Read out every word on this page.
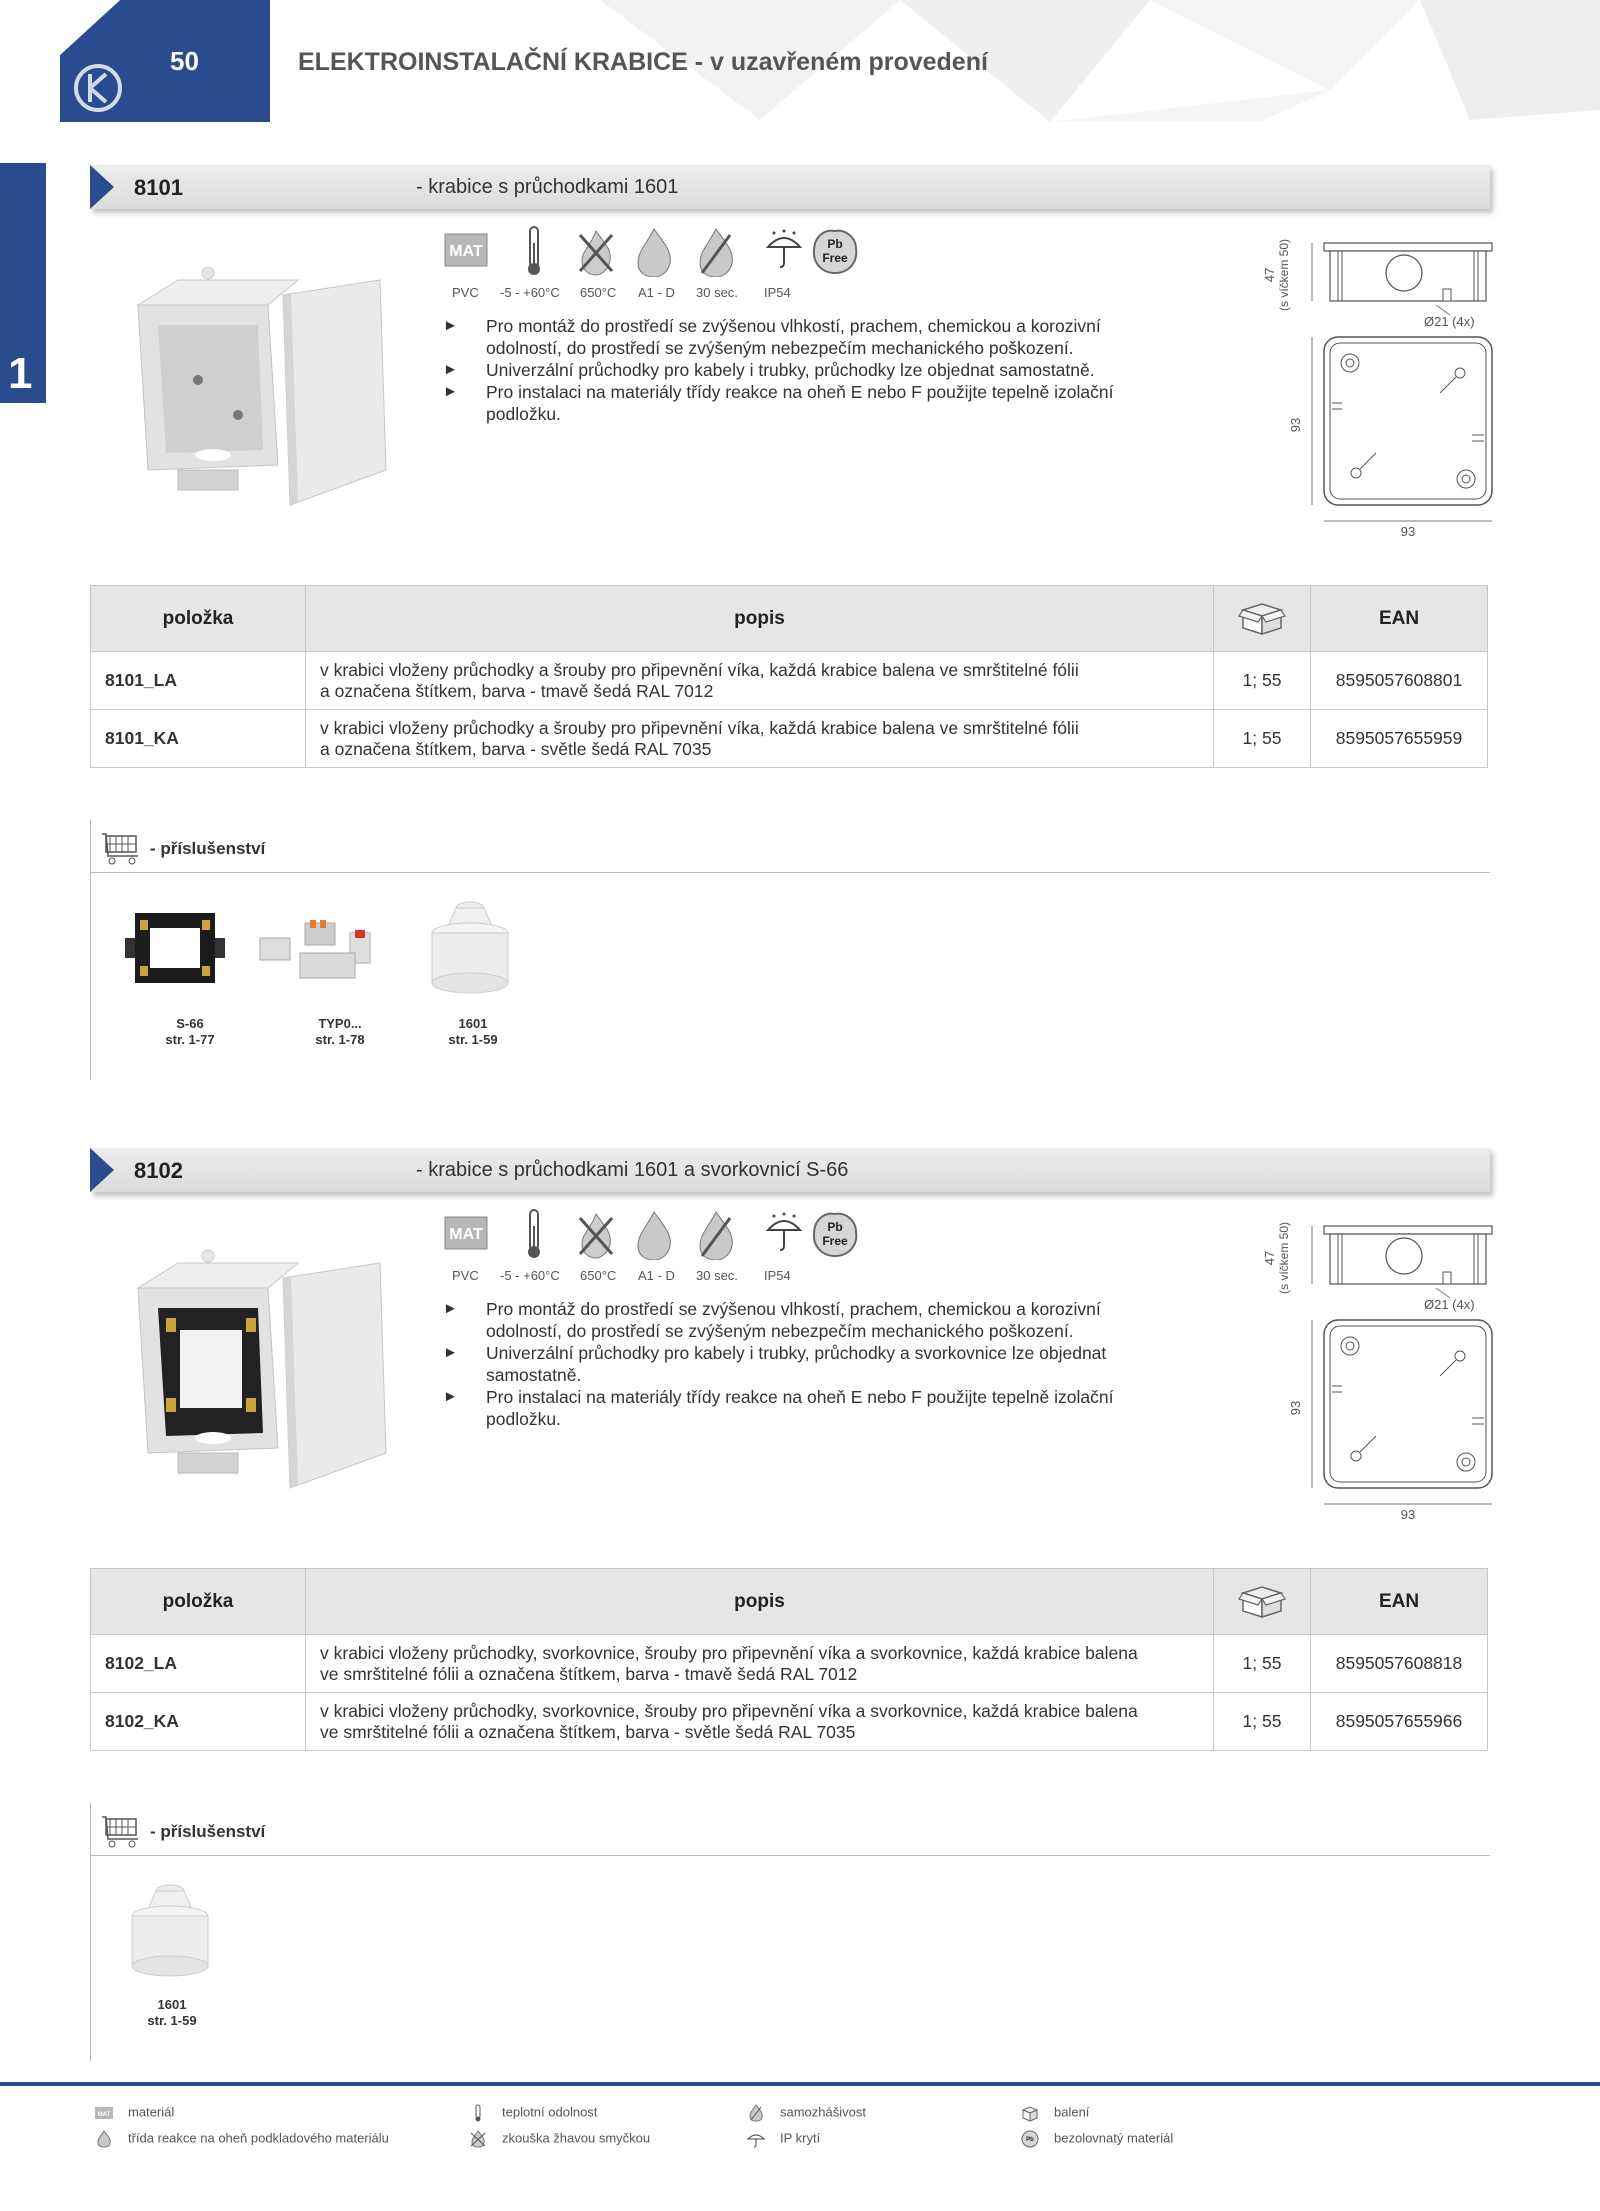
50	ELEKTROINSTALAČNÍ KRABICE - v uzavřeném provedení
1
8101	- krabice s průchodkami 1601
MAT	Pb
Free
PVC -5 - +60°C 650°C A1 - D 30 sec. IP54
► Pro montáž do prostředí se zvýšenou vlhkostí, prachem, chemickou a korozivní odolností, do prostředí se zvýšeným nebezpečím mechanického poškození.
► Univerzální průchodky pro kabely i trubky, průchodky lze objednat samostatně.
► Pro instalaci na materiály třídy reakce na oheň E nebo F použijte tepelně izolační podložku.
47 (s víčkem 50)
Ø21 (4x)
93
93
položka	popis		EAN
8101_LA	v krabici vloženy průchodky a šrouby pro připevnění víka, každá krabice balena ve smrštitelné fólii
a označena štítkem, barva - tmavě šedá RAL 7012	1; 55	8595057608801
8101_KA	v krabici vloženy průchodky a šrouby pro připevnění víka, každá krabice balena ve smrštitelné fólii
a označena štítkem, barva - světle šedá RAL 7035	1; 55	8595057655959
- příslušenství
S-66
str. 1-77
TYP0...
str. 1-78
1601
str. 1-59
8102	- krabice s průchodkami 1601 a svorkovnicí S-66
MAT	Pb
Free
PVC -5 - +60°C 650°C A1 - D 30 sec. IP54
► Pro montáž do prostředí se zvýšenou vlhkostí, prachem, chemickou a korozivní odolností, do prostředí se zvýšeným nebezpečím mechanického poškození.
► Univerzální průchodky pro kabely i trubky, průchodky a svorkovnice lze objednat samostatně.
► Pro instalaci na materiály třídy reakce na oheň E nebo F použijte tepelně izolační podložku.
47 (s víčkem 50)
Ø21 (4x)
93
93
položka	popis		EAN
8102_LA	v krabici vloženy průchodky, svorkovnice, šrouby pro připevnění víka a svorkovnice, každá krabice balena
ve smrštitelné fólii a označena štítkem, barva - tmavě šedá RAL 7012	1; 55	8595057608818
8102_KA	v krabici vloženy průchodky, svorkovnice, šrouby pro připevnění víka a svorkovnice, každá krabice balena
ve smrštitelné fólii a označena štítkem, barva - světle šedá RAL 7035	1; 55	8595057655966
- příslušenství
1601
str. 1-59
MAT materiál	teplotní odolnost	samozhášivost	balení
třída reakce na oheň podkladového materiálu	zkouška žhavou smyčkou	IP krytí	Pb bezolovnatý materiál
